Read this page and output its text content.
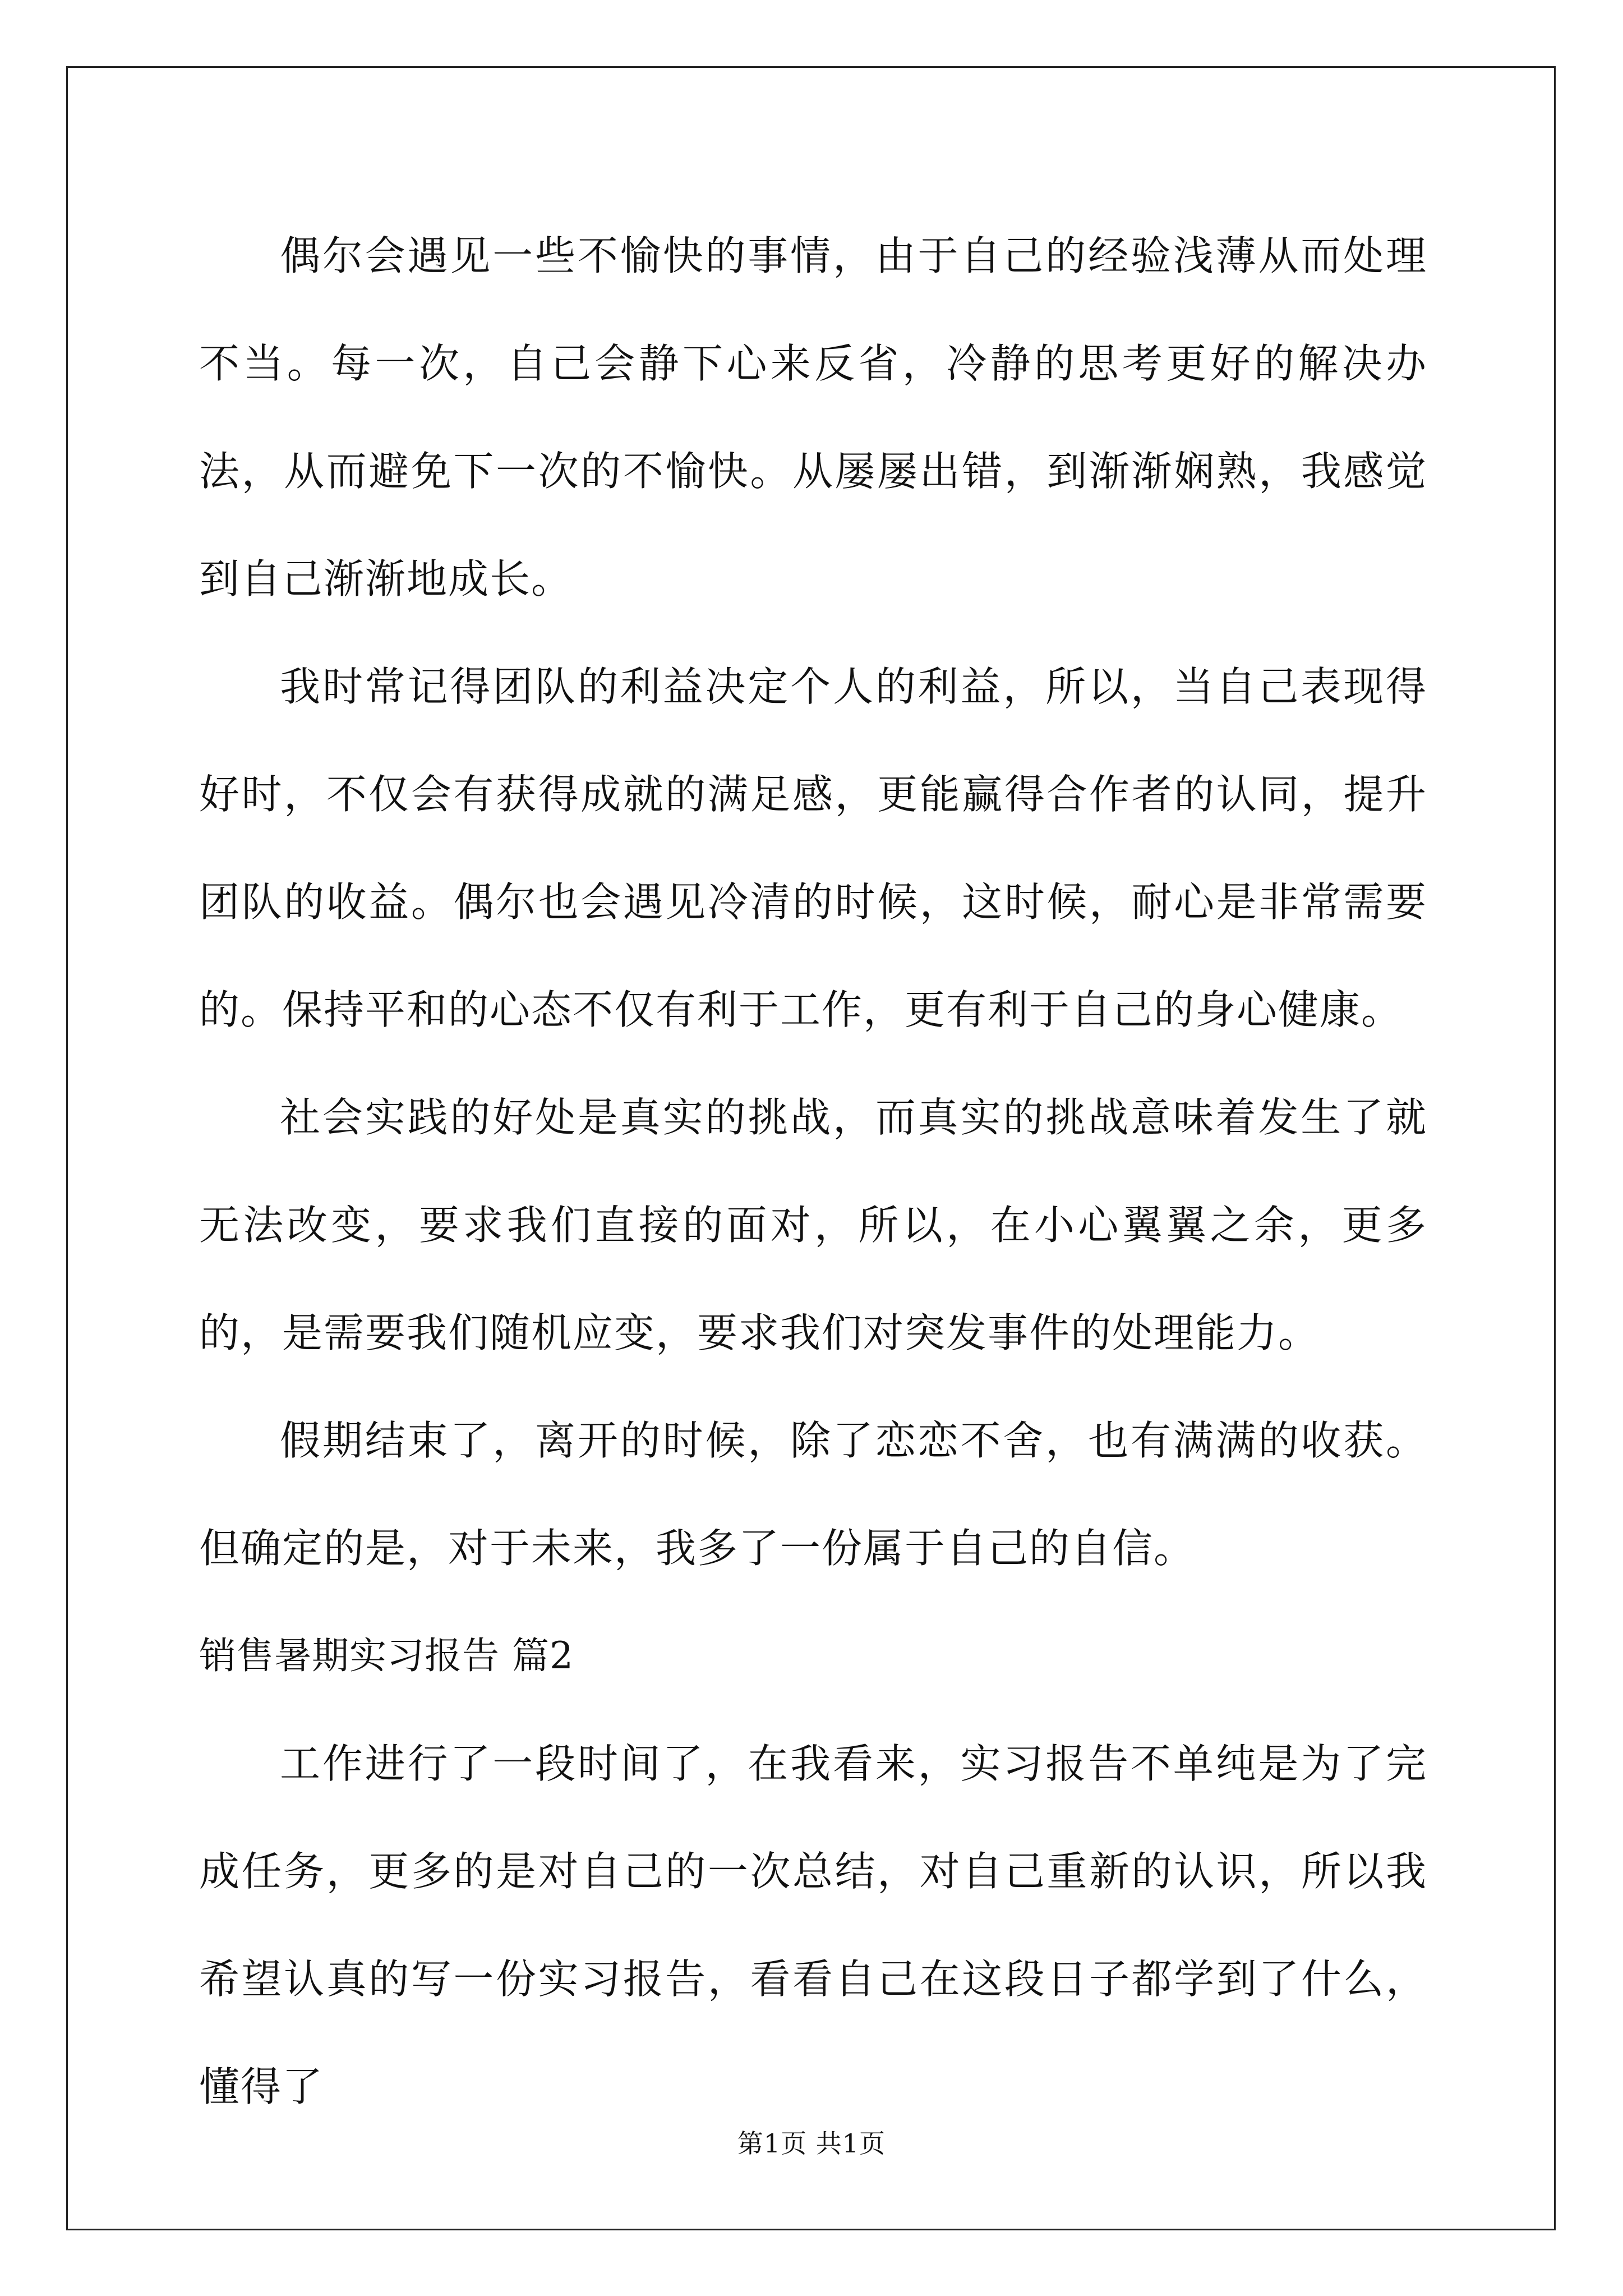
偶尔会遇见一些不愉快的事情，由于自己的经验浅薄从而处理不当。每一次，自己会静下心来反省，冷静的思考更好的解决办法，从而避免下一次的不愉快。从屡屡出错，到渐渐娴熟，我感觉到自己渐渐地成长。

我时常记得团队的利益决定个人的利益，所以，当自己表现得好时，不仅会有获得成就的满足感，更能赢得合作者的认同，提升团队的收益。偶尔也会遇见冷清的时候，这时候，耐心是非常需要的。保持平和的心态不仅有利于工作，更有利于自己的身心健康。

社会实践的好处是真实的挑战，而真实的挑战意味着发生了就无法改变，要求我们直接的面对，所以，在小心翼翼之余，更多的，是需要我们随机应变，要求我们对突发事件的处理能力。

假期结束了，离开的时候，除了恋恋不舍，也有满满的收获。但确定的是，对于未来，我多了一份属于自己的自信。

销售暑期实习报告 篇2

工作进行了一段时间了，在我看来，实习报告不单纯是为了完成任务，更多的是对自己的一次总结，对自己重新的认识，所以我希望认真的写一份实习报告，看看自己在这段日子都学到了什么，懂得了

第1页 共1页
